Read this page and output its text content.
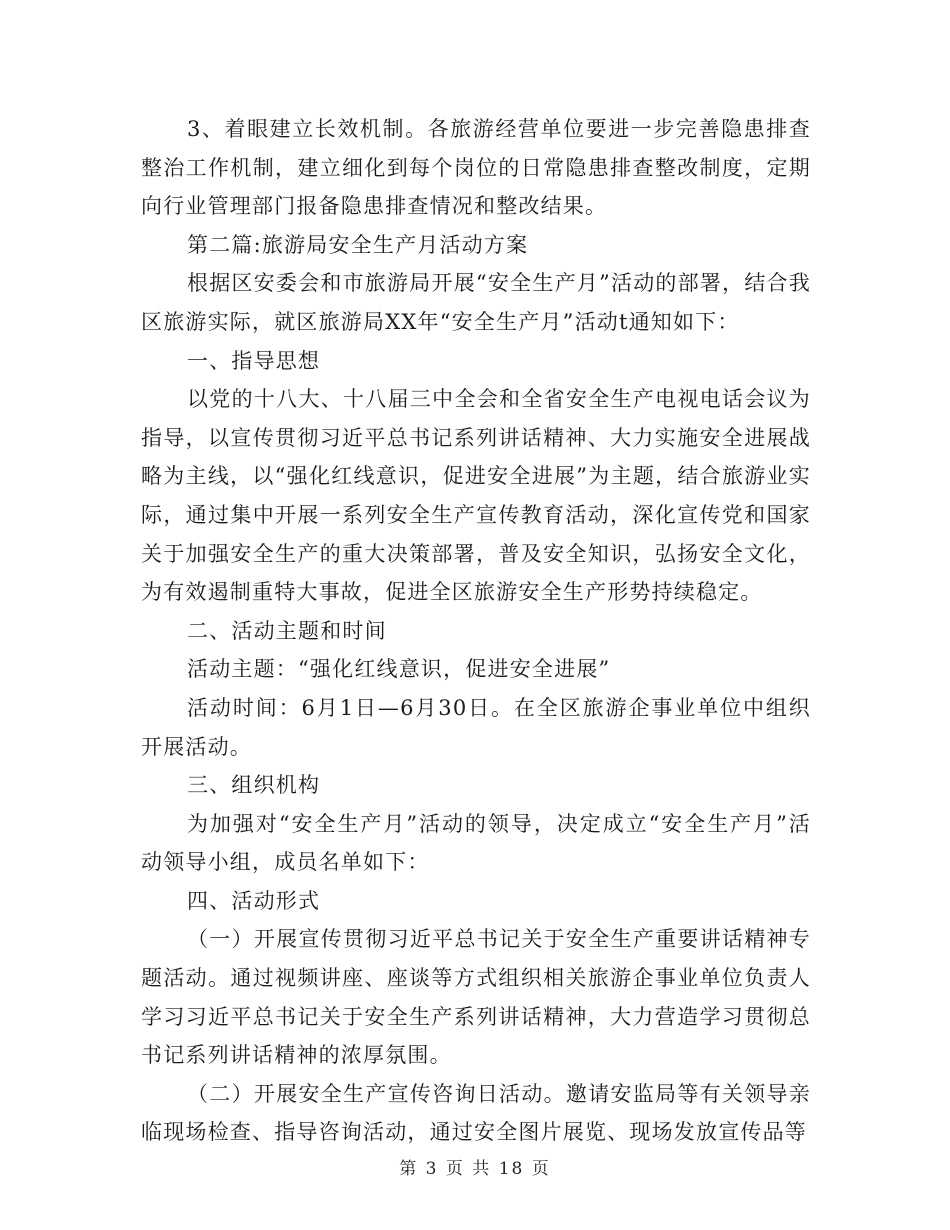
3、着眼建立长效机制。各旅游经营单位要进一步完善隐患排查整治工作机制，建立细化到每个岗位的日常隐患排查整改制度，定期向行业管理部门报备隐患排查情况和整改结果。

第二篇:旅游局安全生产月活动方案

根据区安委会和市旅游局开展“安全生产月”活动的部署，结合我区旅游实际，就区旅游局XX年“安全生产月”活动t通知如下：

一、指导思想

以党的十八大、十八届三中全会和全省安全生产电视电话会议为指导，以宣传贯彻习近平总书记系列讲话精神、大力实施安全进展战略为主线，以“强化红线意识，促进安全进展”为主题，结合旅游业实际，通过集中开展一系列安全生产宣传教育活动，深化宣传党和国家关于加强安全生产的重大决策部署，普及安全知识，弘扬安全文化，为有效遏制重特大事故，促进全区旅游安全生产形势持续稳定。

二、活动主题和时间

活动主题：“强化红线意识，促进安全进展”

活动时间：6月1日—6月30日。在全区旅游企事业单位中组织开展活动。

三、组织机构

为加强对“安全生产月”活动的领导，决定成立“安全生产月”活动领导小组，成员名单如下：

四、活动形式

（一）开展宣传贯彻习近平总书记关于安全生产重要讲话精神专题活动。通过视频讲座、座谈等方式组织相关旅游企事业单位负责人学习习近平总书记关于安全生产系列讲话精神，大力营造学习贯彻总书记系列讲话精神的浓厚氛围。

（二）开展安全生产宣传咨询日活动。邀请安监局等有关领导亲临现场检查、指导咨询活动，通过安全图片展览、现场发放宣传品等

第 3 页 共 18 页
